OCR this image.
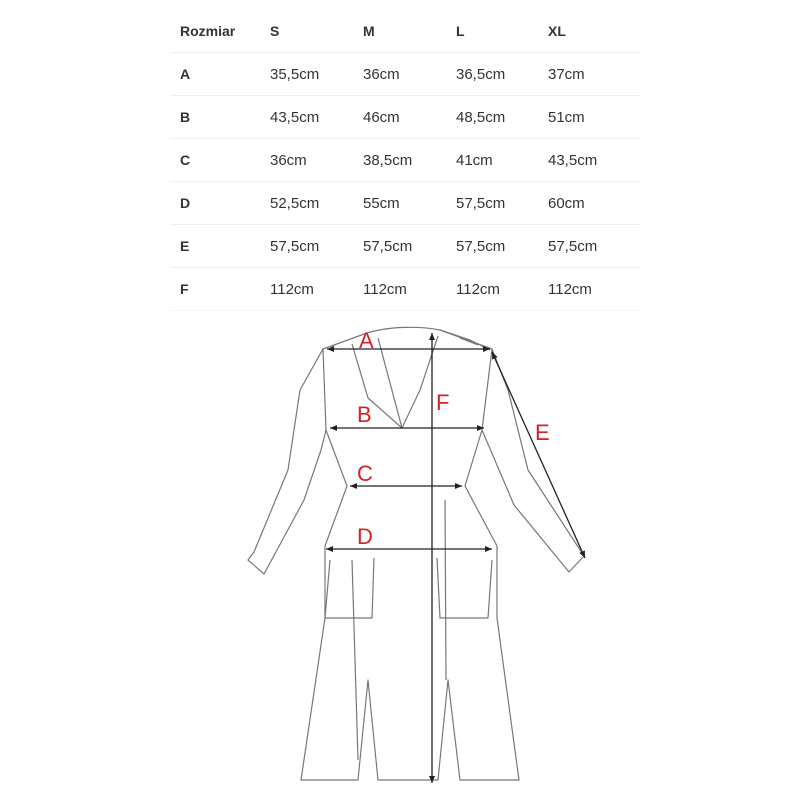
Rozmiar	S	M	L	XL
A	35,5cm	36cm	36,5cm	37cm
B	43,5cm	46cm	48,5cm	51cm
C	36cm	38,5cm	41cm	43,5cm
D	52,5cm	55cm	57,5cm	60cm
E	57,5cm	57,5cm	57,5cm	57,5cm
F	112cm	112cm	112cm	112cm
A
B
C
D
E
F
